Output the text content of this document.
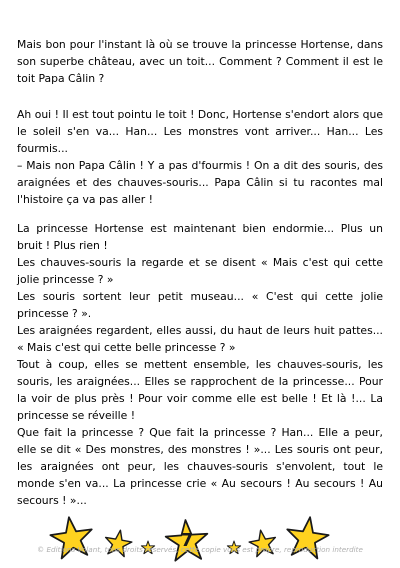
Mais bon pour l'instant là où se trouve la princesse Hortense, dans son superbe château, avec un toit... Comment ? Comment il est le toit Papa Câlin ?

Ah oui ! Il est tout pointu le toit ! Donc, Hortense s'endort alors que le soleil s'en va... Han... Les monstres vont arriver... Han... Les fourmis...

– Mais non Papa Câlin ! Y a pas d'fourmis ! On a dit des souris, des araignées et des chauves-souris... Papa Câlin si tu racontes mal l'histoire ça va pas aller !

La princesse Hortense est maintenant bien endormie... Plus un bruit ! Plus rien !

Les chauves-souris la regarde et se disent « Mais c'est qui cette jolie princesse ? »

Les souris sortent leur petit museau... « C'est qui cette jolie princesse ? ».

Les araignées regardent, elles aussi, du haut de leurs huit pattes... « Mais c'est qui cette belle princesse ? »

Tout à coup, elles se mettent ensemble, les chauves-souris, les souris, les araignées... Elles se rapprochent de la princesse... Pour la voir de plus près ! Pour voir comme elle est belle ! Et là !... La princesse se réveille !

Que fait la princesse ? Que fait la princesse ? Han... Elle a peur, elle se dit « Des monstres, des monstres ! »... Les souris ont peur, les araignées ont peur, les chauves-souris s'envolent, tout le monde s'en va... La princesse crie « Au secours ! Au secours ! Au secours ! »...

7
© Editions Volant, tous droits réservés, cette copie vous est propre, reproduction interdite
